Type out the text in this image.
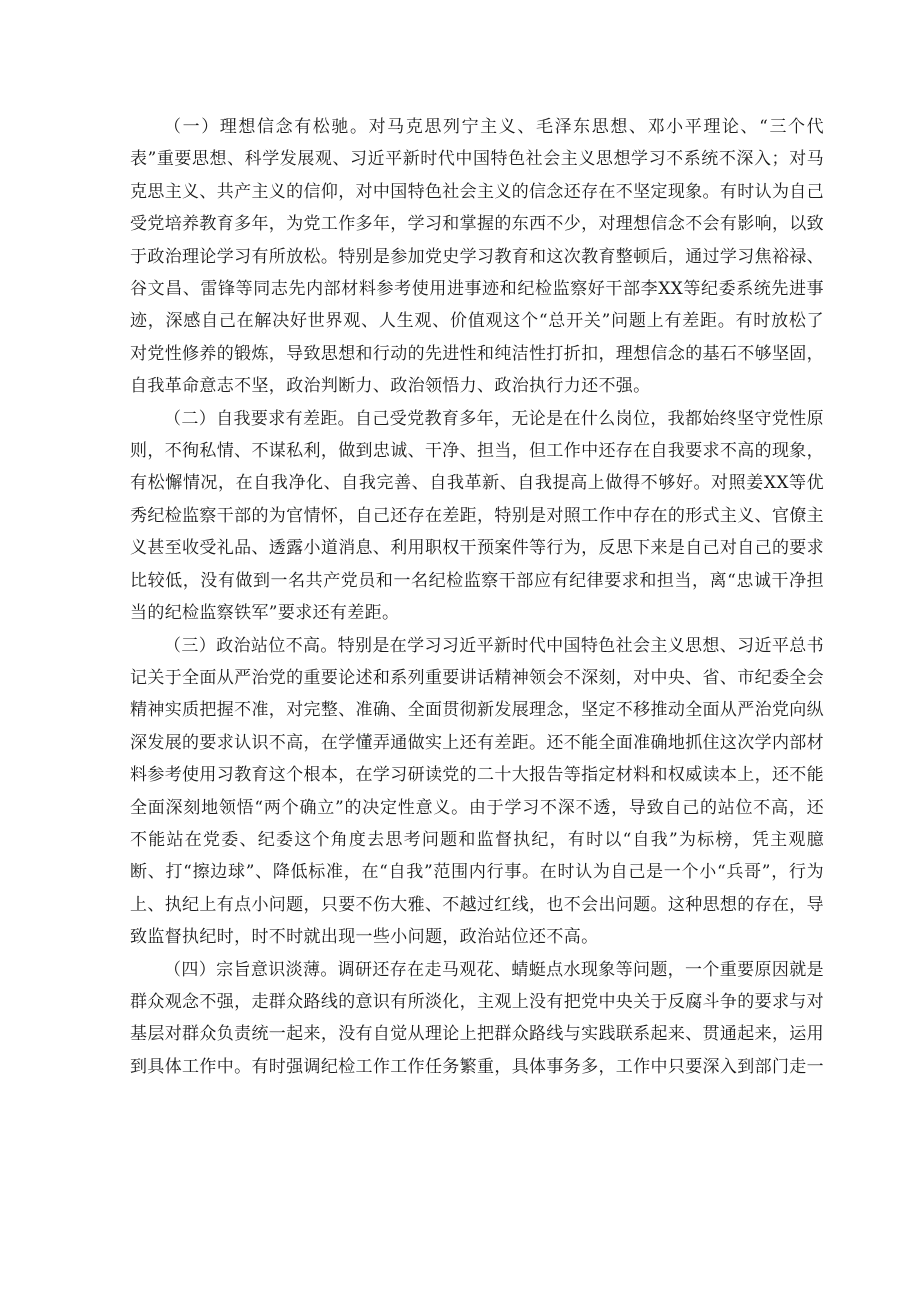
（一）理想信念有松驰。对马克思列宁主义、毛泽东思想、邓小平理论、“三个代表”重要思想、科学发展观、习近平新时代中国特色社会主义思想学习不系统不深入；对马克思主义、共产主义的信仰，对中国特色社会主义的信念还存在不坚定现象。有时认为自己受党培养教育多年，为党工作多年，学习和掌握的东西不少，对理想信念不会有影响，以致于政治理论学习有所放松。特别是参加党史学习教育和这次教育整顿后，通过学习焦裕禄、谷文昌、雷锋等同志先内部材料参考使用进事迹和纪检监察好干部李XX等纪委系统先进事迹，深感自己在解决好世界观、人生观、价值观这个“总开关”问题上有差距。有时放松了对党性修养的锻炼，导致思想和行动的先进性和纯洁性打折扣，理想信念的基石不够坚固，自我革命意志不坚，政治判断力、政治领悟力、政治执行力还不强。

（二）自我要求有差距。自己受党教育多年，无论是在什么岗位，我都始终坚守党性原则，不徇私情、不谋私利，做到忠诚、干净、担当，但工作中还存在自我要求不高的现象，有松懈情况，在自我净化、自我完善、自我革新、自我提高上做得不够好。对照姜XX等优秀纪检监察干部的为官情怀，自己还存在差距，特别是对照工作中存在的形式主义、官僚主义甚至收受礼品、透露小道消息、利用职权干预案件等行为，反思下来是自己对自己的要求比较低，没有做到一名共产党员和一名纪检监察干部应有纪律要求和担当，离“忠诚干净担当的纪检监察铁军”要求还有差距。

（三）政治站位不高。特别是在学习习近平新时代中国特色社会主义思想、习近平总书记关于全面从严治党的重要论述和系列重要讲话精神领会不深刻，对中央、省、市纪委全会精神实质把握不准，对完整、准确、全面贯彻新发展理念，坚定不移推动全面从严治党向纵深发展的要求认识不高，在学懂弄通做实上还有差距。还不能全面准确地抓住这次学内部材料参考使用习教育这个根本，在学习研读党的二十大报告等指定材料和权威读本上，还不能全面深刻地领悟“两个确立”的决定性意义。由于学习不深不透，导致自己的站位不高，还不能站在党委、纪委这个角度去思考问题和监督执纪，有时以“自我”为标榜，凭主观臆断、打“擦边球”、降低标准，在“自我”范围内行事。在时认为自己是一个小“兵哥”，行为上、执纪上有点小问题，只要不伤大雅、不越过红线，也不会出问题。这种思想的存在，导致监督执纪时，时不时就出现一些小问题，政治站位还不高。

（四）宗旨意识淡薄。调研还存在走马观花、蜻蜓点水现象等问题，一个重要原因就是群众观念不强，走群众路线的意识有所淡化，主观上没有把党中央关于反腐斗争的要求与对基层对群众负责统一起来，没有自觉从理论上把群众路线与实践联系起来、贯通起来，运用到具体工作中。有时强调纪检工作工作任务繁重，具体事务多，工作中只要深入到部门走一
